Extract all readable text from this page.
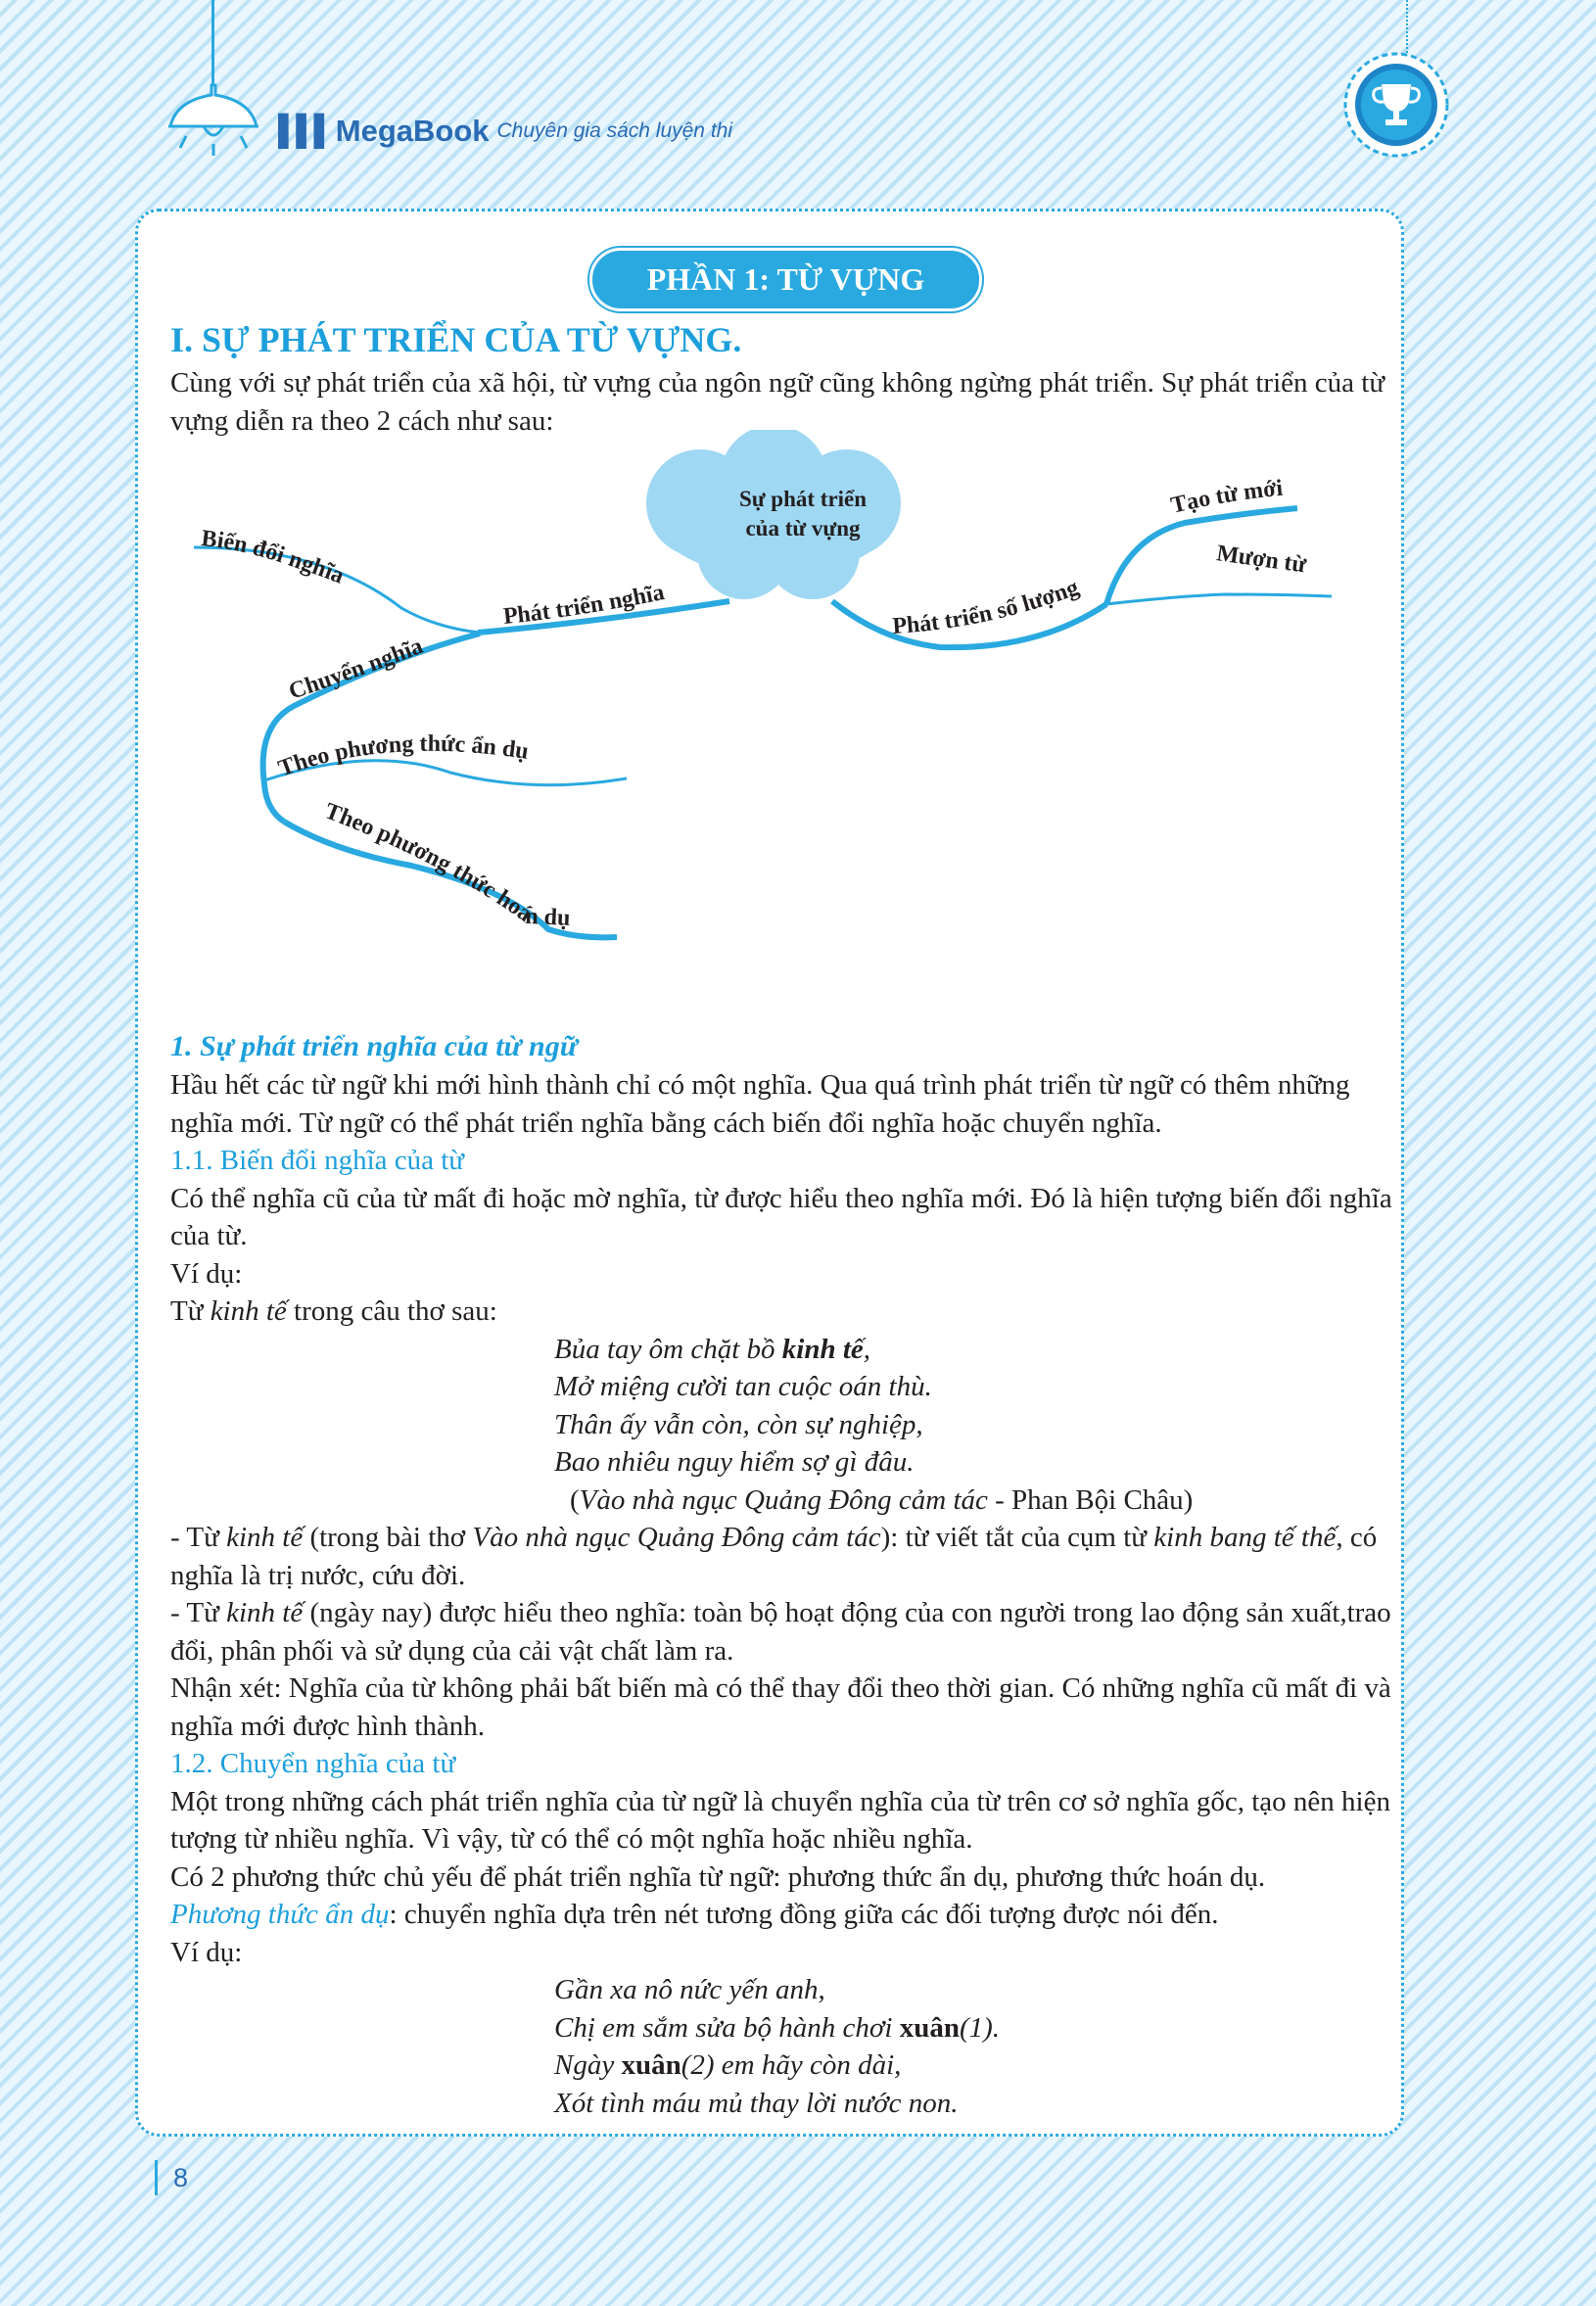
▌▌▌ MegaBook Chuyên gia sách luyện thi
PHẦN 1: TỪ VỰNG
I. SỰ PHÁT TRIỂN CỦA TỪ VỰNG.

Cùng với sự phát triển của xã hội, từ vựng của ngôn ngữ cũng không ngừng phát triển. Sự phát triển của từ vựng diễn ra theo 2 cách như sau:

Sự phát triển
của từ vựng
Biến đổi nghĩa
Phát triển nghĩa
Chuyển nghĩa
Theo phương thức ẩn dụ
Theo phương thức hoán dụ
Phát triển số lượng
Tạo từ mới
Mượn từ

1. Sự phát triển nghĩa của từ ngữ

Hầu hết các từ ngữ khi mới hình thành chỉ có một nghĩa. Qua quá trình phát triển từ ngữ có thêm những nghĩa mới. Từ ngữ có thể phát triển nghĩa bằng cách biến đổi nghĩa hoặc chuyển nghĩa.

1.1. Biến đổi nghĩa của từ

Có thể nghĩa cũ của từ mất đi hoặc mờ nghĩa, từ được hiểu theo nghĩa mới. Đó là hiện tượng biến đổi nghĩa của từ.

Ví dụ:

Từ kinh tế trong câu thơ sau:

Bủa tay ôm chặt bồ kinh tế,

Mở miệng cười tan cuộc oán thù.

Thân ấy vẫn còn, còn sự nghiệp,

Bao nhiêu nguy hiểm sợ gì đâu.

(Vào nhà ngục Quảng Đông cảm tác - Phan Bội Châu)

- Từ kinh tế (trong bài thơ Vào nhà ngục Quảng Đông cảm tác): từ viết tắt của cụm từ kinh bang tế thế, có nghĩa là trị nước, cứu đời.

- Từ kinh tế (ngày nay) được hiểu theo nghĩa: toàn bộ hoạt động của con người trong lao động sản xuất,trao đổi, phân phối và sử dụng của cải vật chất làm ra.

Nhận xét: Nghĩa của từ không phải bất biến mà có thể thay đổi theo thời gian. Có những nghĩa cũ mất đi và nghĩa mới được hình thành.

1.2. Chuyển nghĩa của từ

Một trong những cách phát triển nghĩa của từ ngữ là chuyển nghĩa của từ trên cơ sở nghĩa gốc, tạo nên hiện tượng từ nhiều nghĩa. Vì vậy, từ có thể có một nghĩa hoặc nhiều nghĩa.

Có 2 phương thức chủ yếu để phát triển nghĩa từ ngữ: phương thức ẩn dụ, phương thức hoán dụ.

Phương thức ẩn dụ: chuyển nghĩa dựa trên nét tương đồng giữa các đối tượng được nói đến.

Ví dụ:

Gần xa nô nức yến anh,

Chị em sắm sửa bộ hành chơi xuân(1).

Ngày xuân(2) em hãy còn dài,

Xót tình máu mủ thay lời nước non.

8
